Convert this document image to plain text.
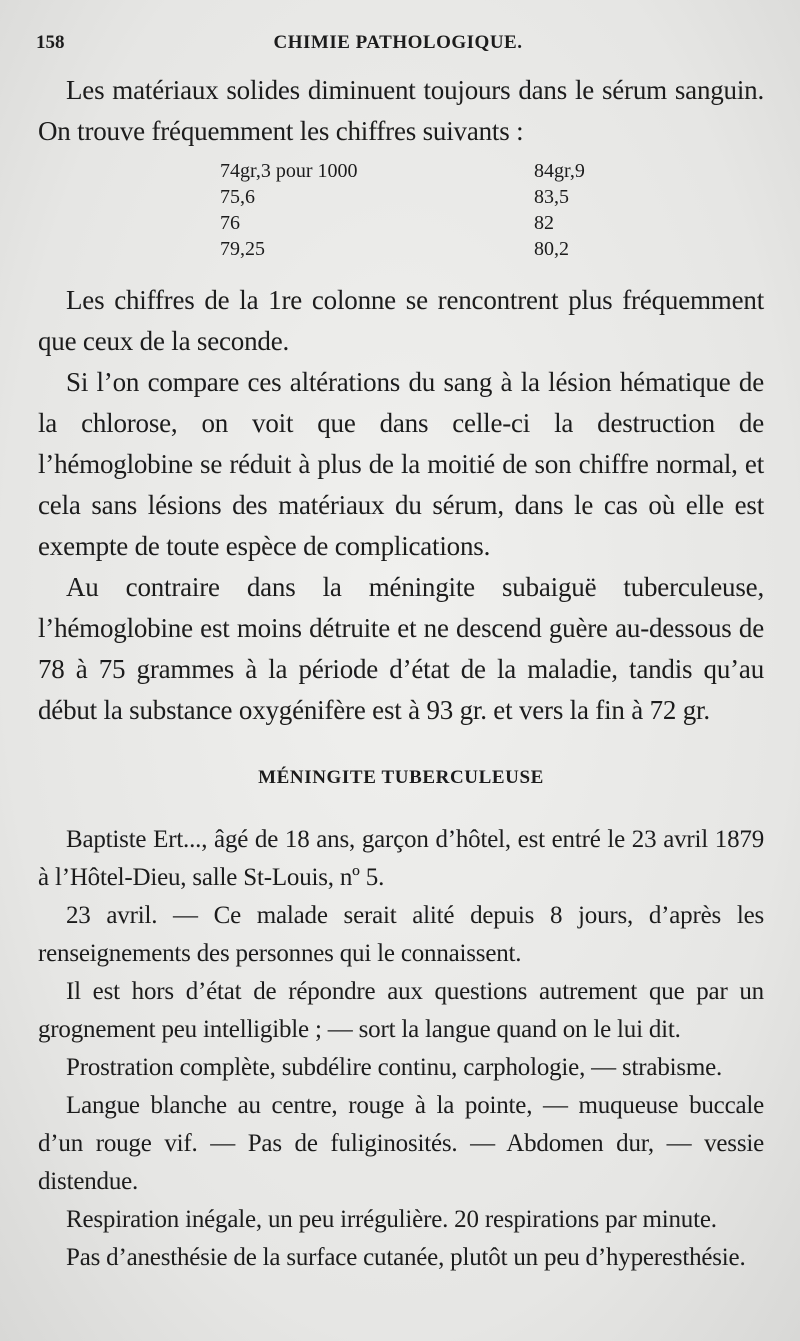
158	CHIMIE PATHOLOGIQUE.

Les matériaux solides diminuent toujours dans le sérum sanguin. On trouve fréquemment les chiffres suivants :

74gr,3 pour 1000
75,6
76
79,25
84gr,9
83,5
82
80,2

Les chiffres de la 1re colonne se rencontrent plus fréquemment que ceux de la seconde.

Si l’on compare ces altérations du sang à la lésion hématique de la chlorose, on voit que dans celle-ci la destruction de l’hémoglobine se réduit à plus de la moitié de son chiffre normal, et cela sans lésions des matériaux du sérum, dans le cas où elle est exempte de toute espèce de complications.

Au contraire dans la méningite subaiguë tuberculeuse, l’hémoglobine est moins détruite et ne descend guère au-dessous de 78 à 75 grammes à la période d’état de la maladie, tandis qu’au début la substance oxygénifère est à 93 gr. et vers la fin à 72 gr.

MÉNINGITE TUBERCULEUSE

Baptiste Ert..., âgé de 18 ans, garçon d’hôtel, est entré le 23 avril 1879 à l’Hôtel-Dieu, salle St-Louis, nº 5.

23 avril. — Ce malade serait alité depuis 8 jours, d’après les renseignements des personnes qui le connaissent.

Il est hors d’état de répondre aux questions autrement que par un grognement peu intelligible ; — sort la langue quand on le lui dit.

Prostration complète, subdélire continu, carphologie, — strabisme.

Langue blanche au centre, rouge à la pointe, — muqueuse buccale d’un rouge vif. — Pas de fuliginosités. — Abdomen dur, — vessie distendue.

Respiration inégale, un peu irrégulière. 20 respirations par minute.

Pas d’anesthésie de la surface cutanée, plutôt un peu d’hyperesthésie.
